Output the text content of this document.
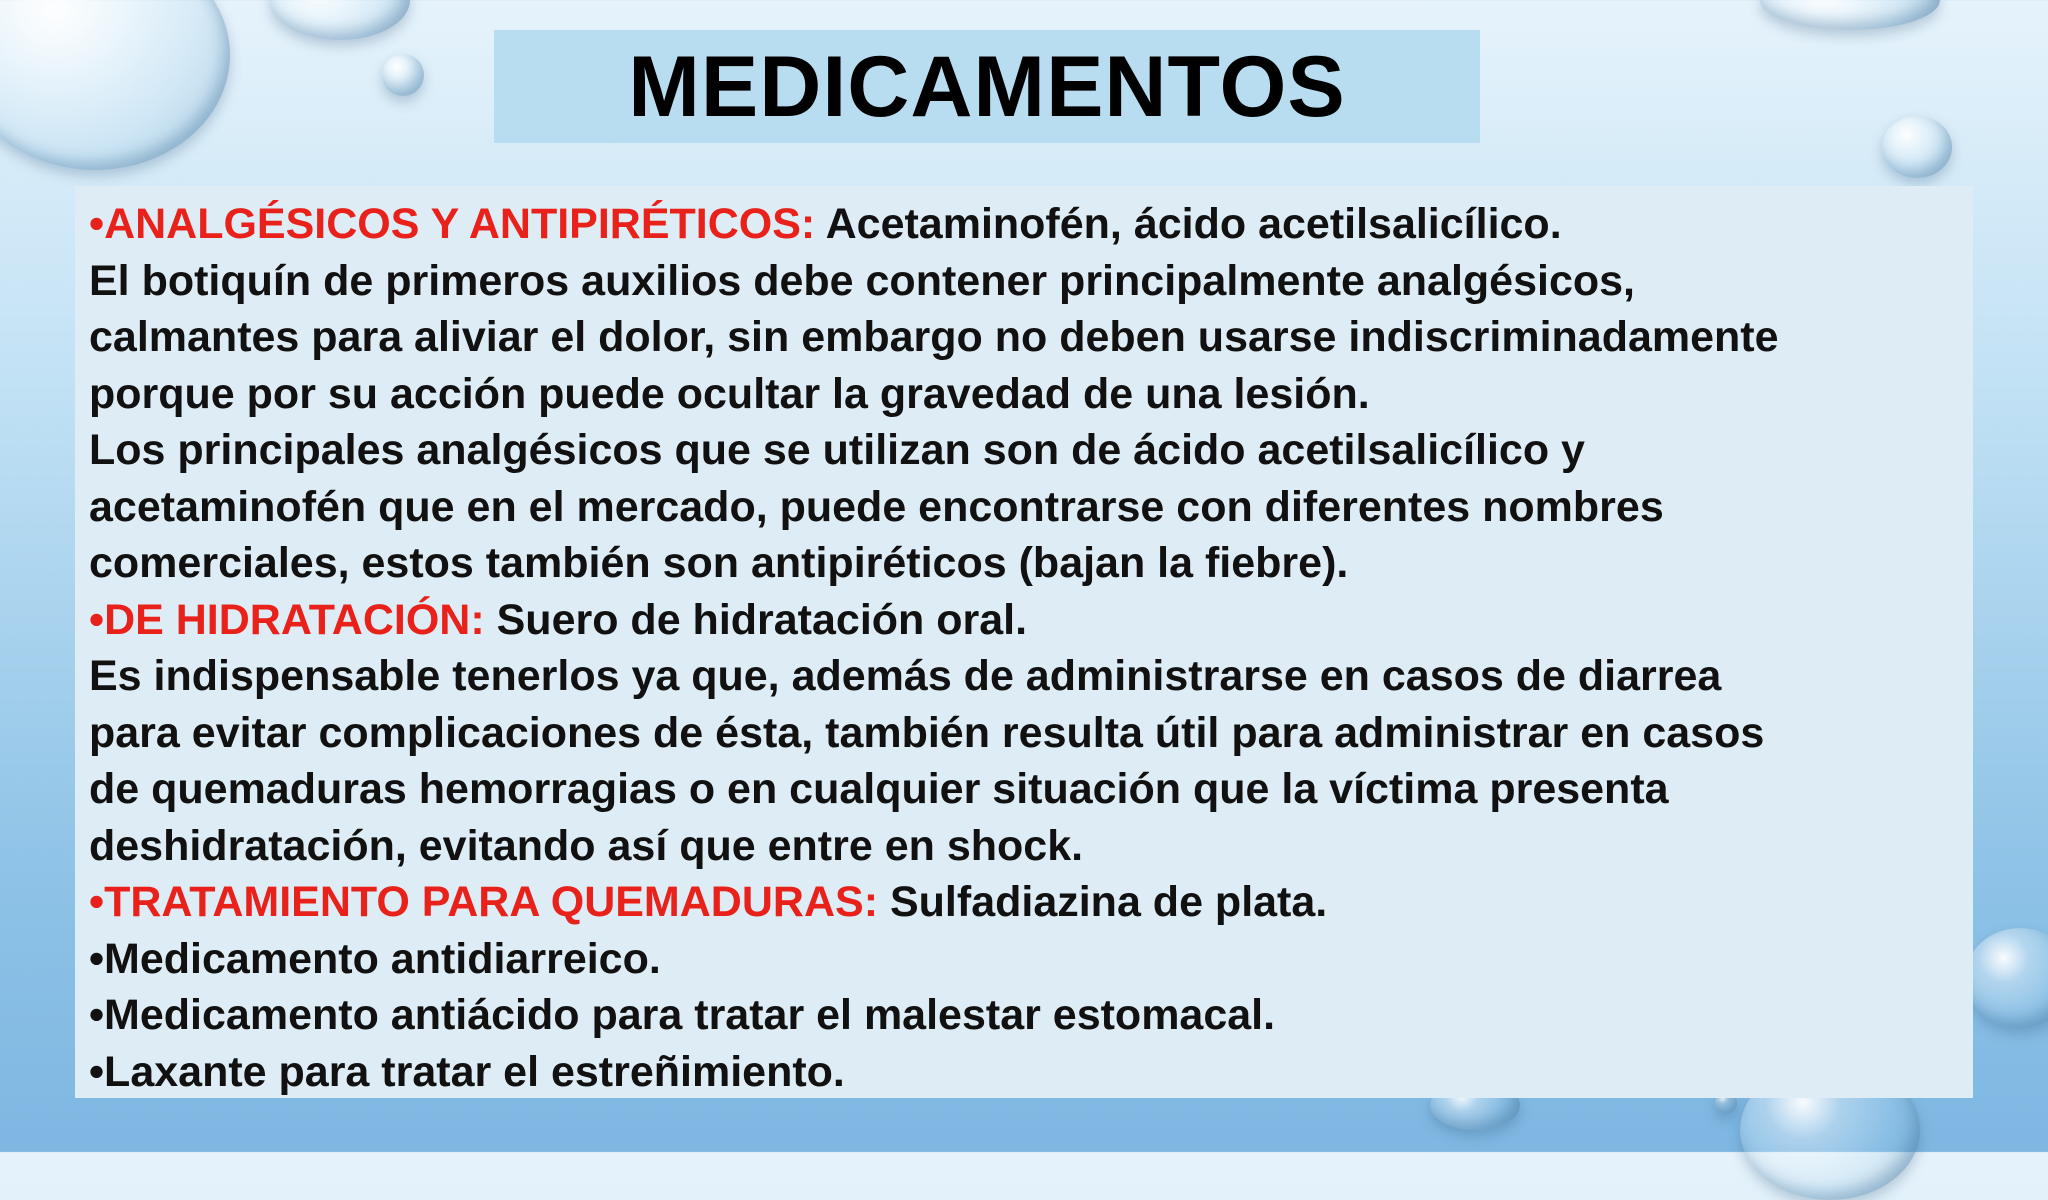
MEDICAMENTOS
•ANALGÉSICOS Y ANTIPIRÉTICOS: Acetaminofén, ácido acetilsalicílico.
El botiquín de primeros auxilios debe contener principalmente analgésicos,
calmantes para aliviar el dolor, sin embargo no deben usarse indiscriminadamente
porque por su acción puede ocultar la gravedad de una lesión.
Los principales analgésicos que se utilizan son de ácido acetilsalicílico y
acetaminofén que en el mercado, puede encontrarse con diferentes nombres
comerciales, estos también son antipiréticos (bajan la fiebre).
•DE HIDRATACIÓN: Suero de hidratación oral.
Es indispensable tenerlos ya que, además de administrarse en casos de diarrea
para evitar complicaciones de ésta, también resulta útil para administrar en casos
de quemaduras hemorragias o en cualquier situación que la víctima presenta
deshidratación, evitando así que entre en shock.
•TRATAMIENTO PARA QUEMADURAS: Sulfadiazina de plata.
•Medicamento antidiarreico.
•Medicamento antiácido para tratar el malestar estomacal.
•Laxante para tratar el estreñimiento.
